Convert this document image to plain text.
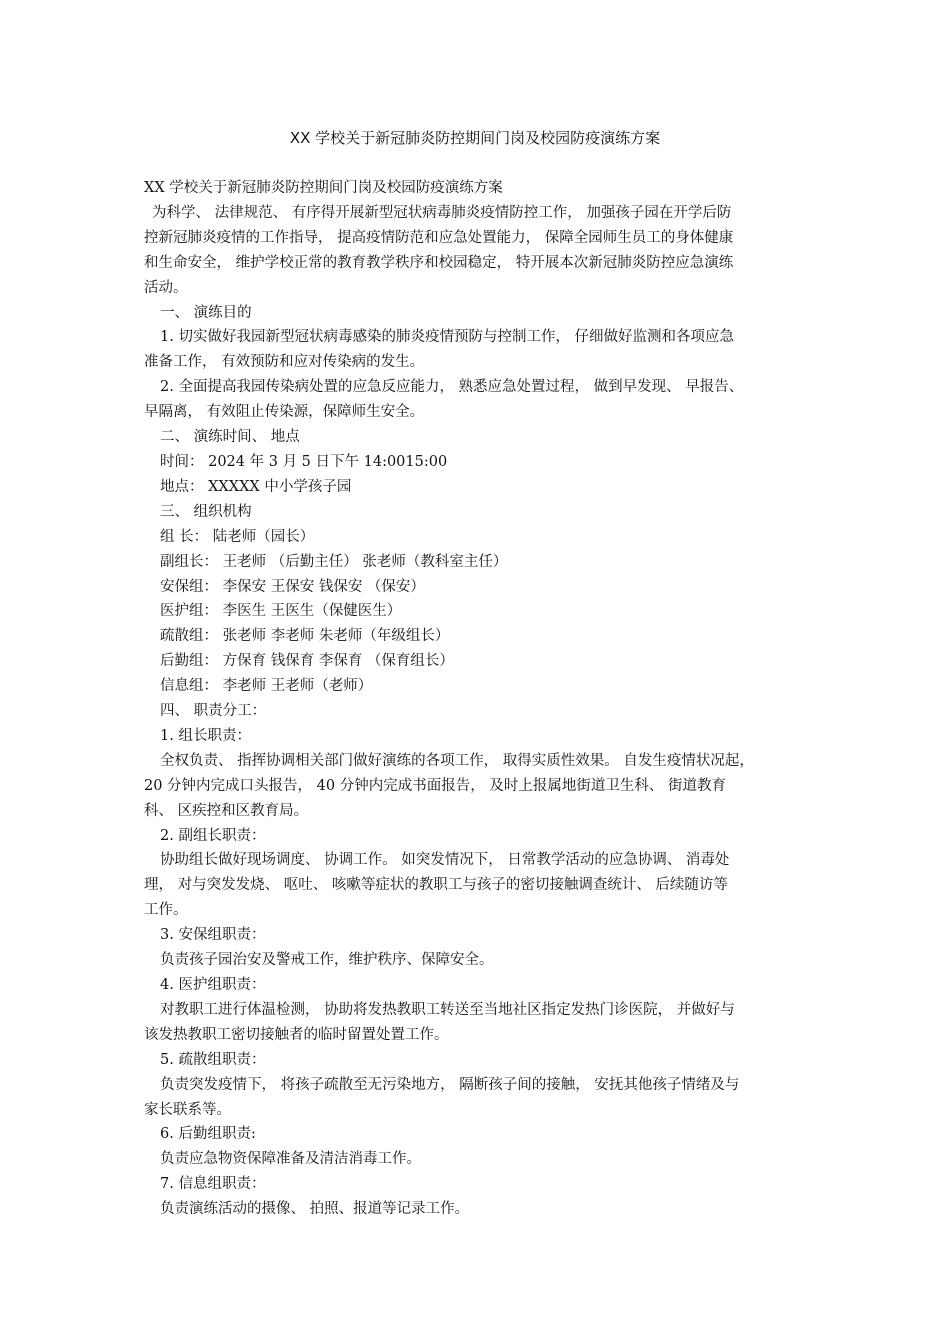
XX 学校关于新冠肺炎防控期间门岗及校园防疫演练方案

XX 学校关于新冠肺炎防控期间门岗及校园防疫演练方案

为科学、 法律规范、 有序得开展新型冠状病毒肺炎疫情防控工作， 加强孩子园在开学后防

控新冠肺炎疫情的工作指导， 提高疫情防范和应急处置能力， 保障全园师生员工的身体健康

和生命安全， 维护学校正常的教育教学秩序和校园稳定， 特开展本次新冠肺炎防控应急演练

活动。

一、 演练目的

1. 切实做好我园新型冠状病毒感染的肺炎疫情预防与控制工作， 仔细做好监测和各项应急

准备工作， 有效预防和应对传染病的发生。

2. 全面提高我园传染病处置的应急反应能力， 熟悉应急处置过程， 做到早发现、 早报告、

早隔离， 有效阻止传染源，保障师生安全。

二、 演练时间、 地点

时间： 2024 年 3 月 5 日下午 14:0015:00

地点： XXXXX 中小学孩子园

三、 组织机构

组 长： 陆老师（园长）

副组长： 王老师 （后勤主任） 张老师（教科室主任）

安保组： 李保安 王保安 钱保安 （保安）

医护组： 李医生 王医生（保健医生）

疏散组： 张老师 李老师 朱老师（年级组长）

后勤组： 方保育 钱保育 李保育 （保育组长）

信息组： 李老师 王老师（老师）

四、 职责分工：

1. 组长职责：

全权负责、 指挥协调相关部门做好演练的各项工作， 取得实质性效果。 自发生疫情状况起，

20 分钟内完成口头报告， 40 分钟内完成书面报告， 及时上报属地街道卫生科、 街道教育

科、 区疾控和区教育局。

2. 副组长职责：

协助组长做好现场调度、 协调工作。 如突发情况下， 日常教学活动的应急协调、 消毒处

理， 对与突发发烧、 呕吐、 咳嗽等症状的教职工与孩子的密切接触调查统计、 后续随访等

工作。

3. 安保组职责：

负责孩子园治安及警戒工作，维护秩序、保障安全。

4. 医护组职责：

对教职工进行体温检测， 协助将发热教职工转送至当地社区指定发热门诊医院， 并做好与

该发热教职工密切接触者的临时留置处置工作。

5. 疏散组职责：

负责突发疫情下， 将孩子疏散至无污染地方， 隔断孩子间的接触， 安抚其他孩子情绪及与

家长联系等。

6. 后勤组职责:

负责应急物资保障准备及清洁消毒工作。

7. 信息组职责：

负责演练活动的摄像、 拍照、报道等记录工作。
